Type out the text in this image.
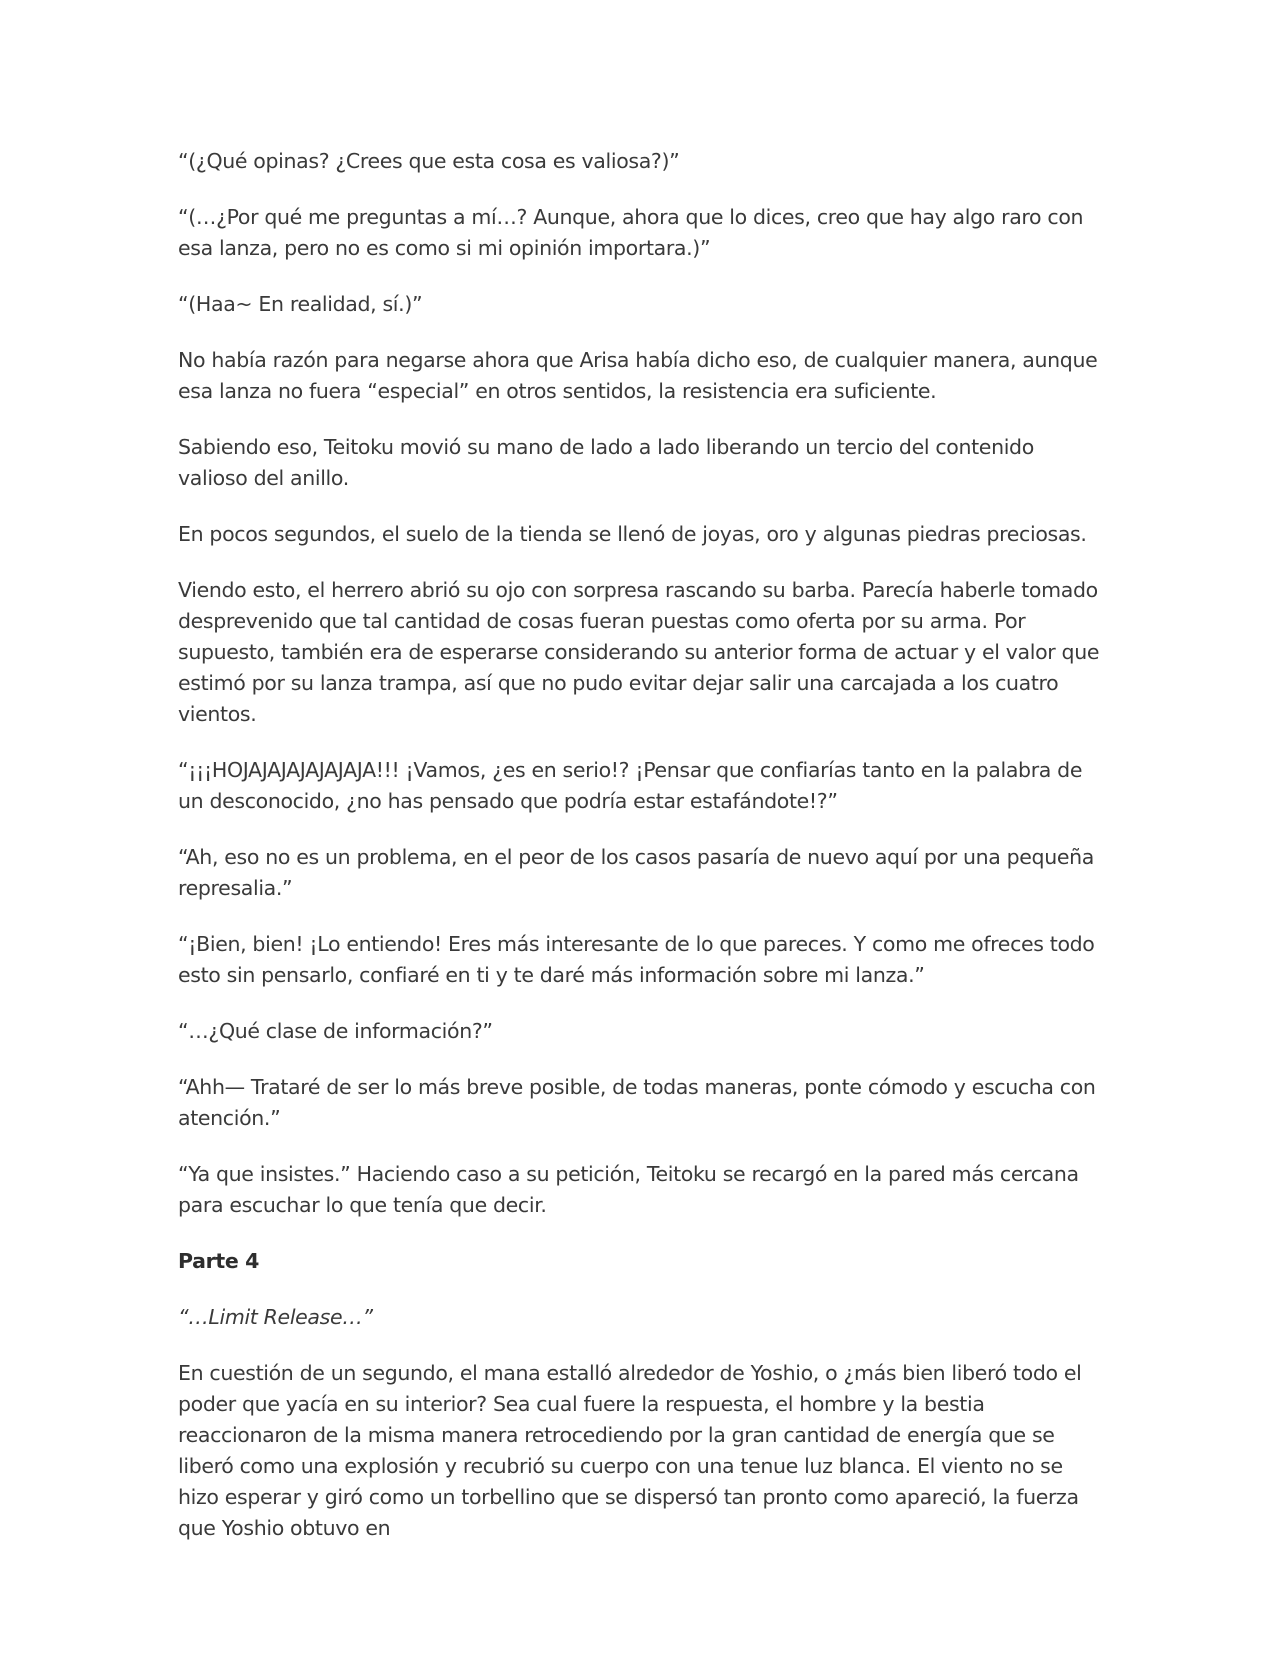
“(¿Qué opinas? ¿Crees que esta cosa es valiosa?)”

“(…¿Por qué me preguntas a mí…? Aunque, ahora que lo dices, creo que hay algo raro con esa lanza, pero no es como si mi opinión importara.)”

“(Haa~ En realidad, sí.)”

No había razón para negarse ahora que Arisa había dicho eso, de cualquier manera, aunque esa lanza no fuera “especial” en otros sentidos, la resistencia era suficiente.

Sabiendo eso, Teitoku movió su mano de lado a lado liberando un tercio del contenido valioso del anillo.

En pocos segundos, el suelo de la tienda se llenó de joyas, oro y algunas piedras preciosas.

Viendo esto, el herrero abrió su ojo con sorpresa rascando su barba. Parecía haberle tomado desprevenido que tal cantidad de cosas fueran puestas como oferta por su arma. Por supuesto, también era de esperarse considerando su anterior forma de actuar y el valor que estimó por su lanza trampa, así que no pudo evitar dejar salir una carcajada a los cuatro vientos.

“¡¡¡HOJAJAJAJAJAJAJA!!! ¡Vamos, ¿es en serio!? ¡Pensar que confiarías tanto en la palabra de un desconocido, ¿no has pensado que podría estar estafándote!?”

“Ah, eso no es un problema, en el peor de los casos pasaría de nuevo aquí por una pequeña represalia.”

“¡Bien, bien! ¡Lo entiendo! Eres más interesante de lo que pareces. Y como me ofreces todo esto sin pensarlo, confiaré en ti y te daré más información sobre mi lanza.”

“…¿Qué clase de información?”

“Ahh— Trataré de ser lo más breve posible, de todas maneras, ponte cómodo y escucha con atención.”

“Ya que insistes.” Haciendo caso a su petición, Teitoku se recargó en la pared más cercana para escuchar lo que tenía que decir.

Parte 4

“…Limit Release…”

En cuestión de un segundo, el mana estalló alrededor de Yoshio, o ¿más bien liberó todo el poder que yacía en su interior? Sea cual fuere la respuesta, el hombre y la bestia reaccionaron de la misma manera retrocediendo por la gran cantidad de energía que se liberó como una explosión y recubrió su cuerpo con una tenue luz blanca. El viento no se hizo esperar y giró como un torbellino que se dispersó tan pronto como apareció, la fuerza que Yoshio obtuvo en
